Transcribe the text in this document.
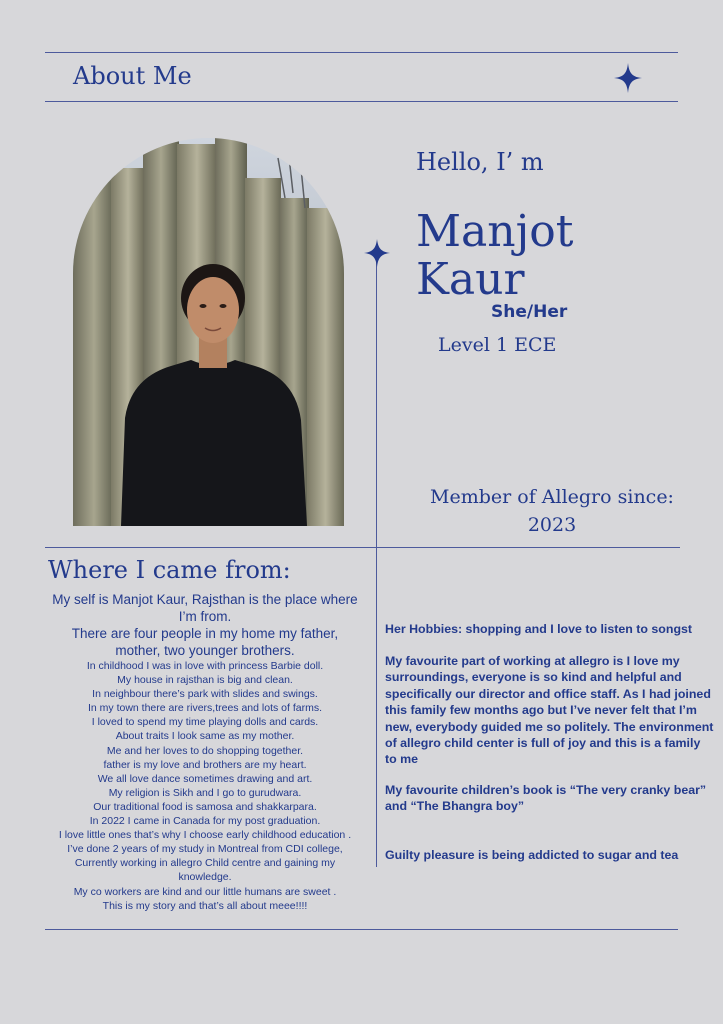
About Me
Hello, I’ m
Manjot
Kaur
She/Her
Level 1 ECE
Member of Allegro since:
2023
Where I came from:
My self is Manjot Kaur, Rajsthan is the place where
I’m from.
There are four people in my home my father,
mother, two younger brothers.
In childhood I was in love with princess Barbie doll.
My house in rajsthan is big and clean.
In neighbour there’s park with slides and swings.
In my town there are rivers,trees and lots of farms.
I loved to spend my time playing dolls and cards.
About traits I look same as my mother.
Me and her loves to do shopping together.
father is my love and brothers are my heart.
We all love dance sometimes drawing and art.
My religion is Sikh and I go to gurudwara.
Our traditional food is samosa and shakkarpara.
In 2022 I came in Canada for my post graduation.
I love little ones that’s why I choose early childhood education .
I’ve done 2 years of my study in Montreal from CDI college,
Currently working in allegro Child centre and gaining my
knowledge.
My co workers are kind and our little humans are sweet .
This is my story and that’s all about meee!!!!
Her Hobbies: shopping and I love to listen to songst
My favourite part of working at allegro is I love my surroundings, everyone is so kind and helpful and specifically our director and office staff. As I had joined this family few months ago but I’ve never felt that I’m new, everybody guided me so politely. The environment of allegro child center is full of joy and this is a family to me
My favourite children’s book is “The very cranky bear” and “The Bhangra boy”
Guilty pleasure is being addicted to sugar and tea
